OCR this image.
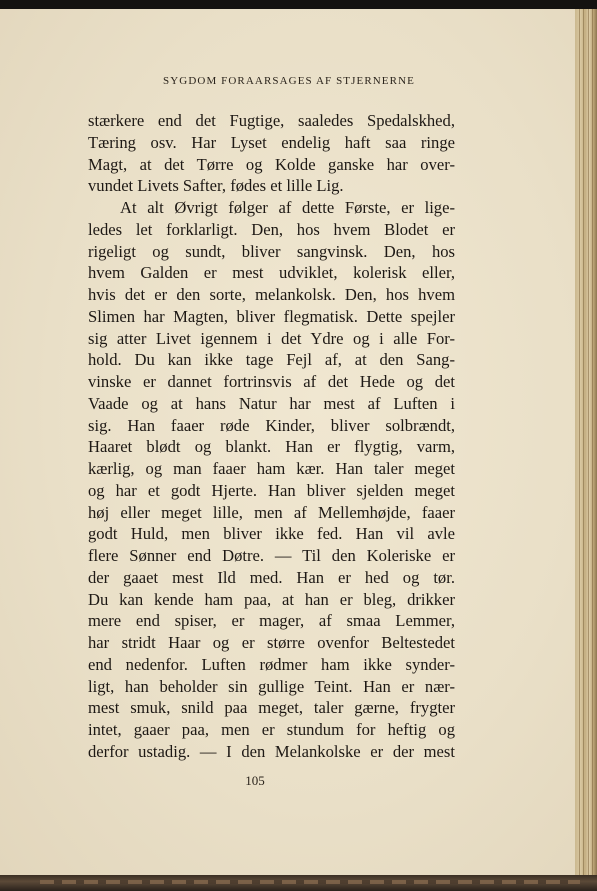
SYGDOM FORAARSAGES AF STJERNERNE
stærkere end det Fugtige, saaledes Spedalskhed,
Tæring osv. Har Lyset endelig haft saa ringe
Magt, at det Tørre og Kolde ganske har over-
vundet Livets Safter, fødes et lille Lig.
At alt Øvrigt følger af dette Første, er lige-
ledes let forklarligt. Den, hos hvem Blodet er
rigeligt og sundt, bliver sangvinsk. Den, hos
hvem Galden er mest udviklet, kolerisk eller,
hvis det er den sorte, melankolsk. Den, hos hvem
Slimen har Magten, bliver flegmatisk. Dette spejler
sig atter Livet igennem i det Ydre og i alle For-
hold. Du kan ikke tage Fejl af, at den Sang-
vinske er dannet fortrinsvis af det Hede og det
Vaade og at hans Natur har mest af Luften i
sig. Han faaer røde Kinder, bliver solbrændt,
Haaret blødt og blankt. Han er flygtig, varm,
kærlig, og man faaer ham kær. Han taler meget
og har et godt Hjerte. Han bliver sjelden meget
høj eller meget lille, men af Mellemhøjde, faaer
godt Huld, men bliver ikke fed. Han vil avle
flere Sønner end Døtre. — Til den Koleriske er
der gaaet mest Ild med. Han er hed og tør.
Du kan kende ham paa, at han er bleg, drikker
mere end spiser, er mager, af smaa Lemmer,
har stridt Haar og er større ovenfor Beltestedet
end nedenfor. Luften rødmer ham ikke synder-
ligt, han beholder sin gullige Teint. Han er nær-
mest smuk, snild paa meget, taler gærne, frygter
intet, gaaer paa, men er stundum for heftig og
derfor ustadig. — I den Melankolske er der mest
105
